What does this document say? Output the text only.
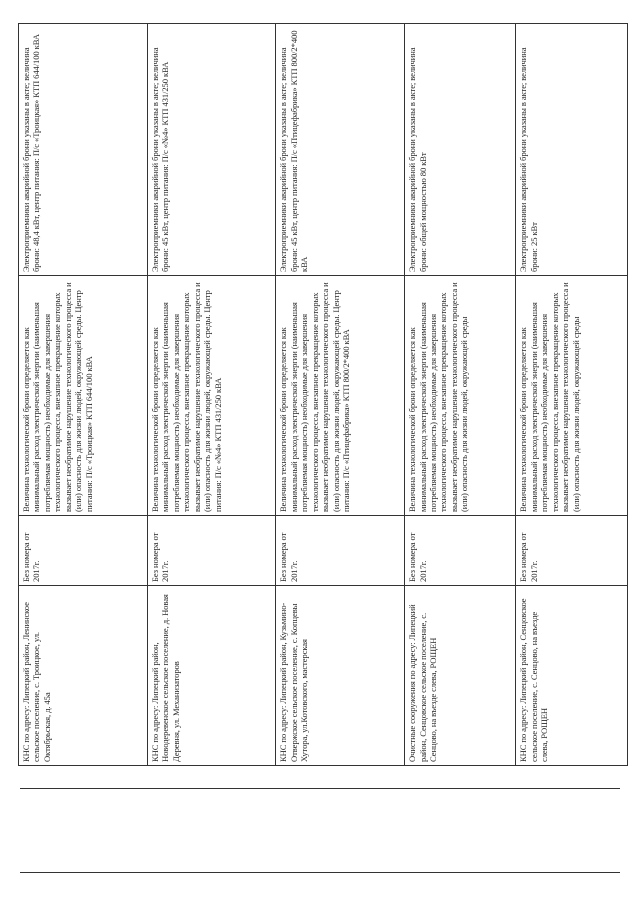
КНС по адресу: Липецкий район, Ленинское сельское поселение, с. Троицкое, ул. Октябрьская, д. 45а	Без номера от 2017г.	Величина технологической брони определяется как минимальный расход электрической энергии (наименьшая потребляемая мощность) необходимые для завершения технологического процесса, внезапное прекращение которых вызывает необратимое нарушение технологического процесса и (или) опасность для жизни людей, окружающей среды. Центр питания: П/с «Троицкая» КТП 644/100 кВА	Электроприемники аварийной брони указаны в акте; величина брони: 48,4 кВт, центр питания: П/с «Троицкая» КТП 644/100 кВА
КНС по адресу: Липецкий район, Новодеревенское сельское поселение, д. Новая Деревня, ул. Механизаторов	Без номера от 2017г.	Величина технологической брони определяется как минимальный расход электрической энергии (наименьшая потребляемая мощность) необходимые для завершения технологического процесса, внезапное прекращение которых вызывает необратимое нарушение технологического процесса и (или) опасность для жизни людей, окружающей среды. Центр питания: П/с «№4» КТП 431/250 кВА	Электроприемники аварийной брони указаны в акте; величина брони: 45 кВт, центр питания: П/с «№4» КТП 431/250 кВА
КНС по адресу: Липецкий район, Кузьмино-Отвержское сельское поселение, с. Копцевы Хутора, ул.Котовского, мастерская	Без номера от 2017г.	Величина технологической брони определяется как минимальный расход электрической энергии (наименьшая потребляемая мощность) необходимые для завершения технологического процесса, внезапное прекращение которых вызывает необратимое нарушение технологического процесса и (или) опасность для жизни людей, окружающей среды. Центр питания: П/с «Птицефабрика» КТП 800/2*400 кВА	Электроприемники аварийной брони указаны в акте; величина брони: 45 кВт, центр питания: П/с «Птицефабрика» КТП 800/2*400 кВА
Очистные сооружения по адресу: Липецкий район, Сенцовское сельское поселение, с. Сенцово, на въезде слева, РОЩЕН	Без номера от 2017г.	Величина технологической брони определяется как минимальный расход электрической энергии (наименьшая потребляемая мощность) необходимые для завершения технологического процесса, внезапное прекращение которых вызывает необратимое нарушение технологического процесса и (или) опасность для жизни людей, окружающей среды	Электроприемники аварийной брони указаны в акте; величина брони: общей мощностью 80 кВт
КНС по адресу: Липецкий район, Сенцовское сельское поселение, с. Сенцово, на въезде слева, РОЩЕН	Без номера от 2017г.	Величина технологической брони определяется как минимальный расход электрической энергии (наименьшая потребляемая мощность) необходимые для завершения технологического процесса, внезапное прекращение которых вызывает необратимое нарушение технологического процесса и (или) опасность для жизни людей, окружающей среды	Электроприемники аварийной брони указаны в акте; величина брони: 25 кВт
